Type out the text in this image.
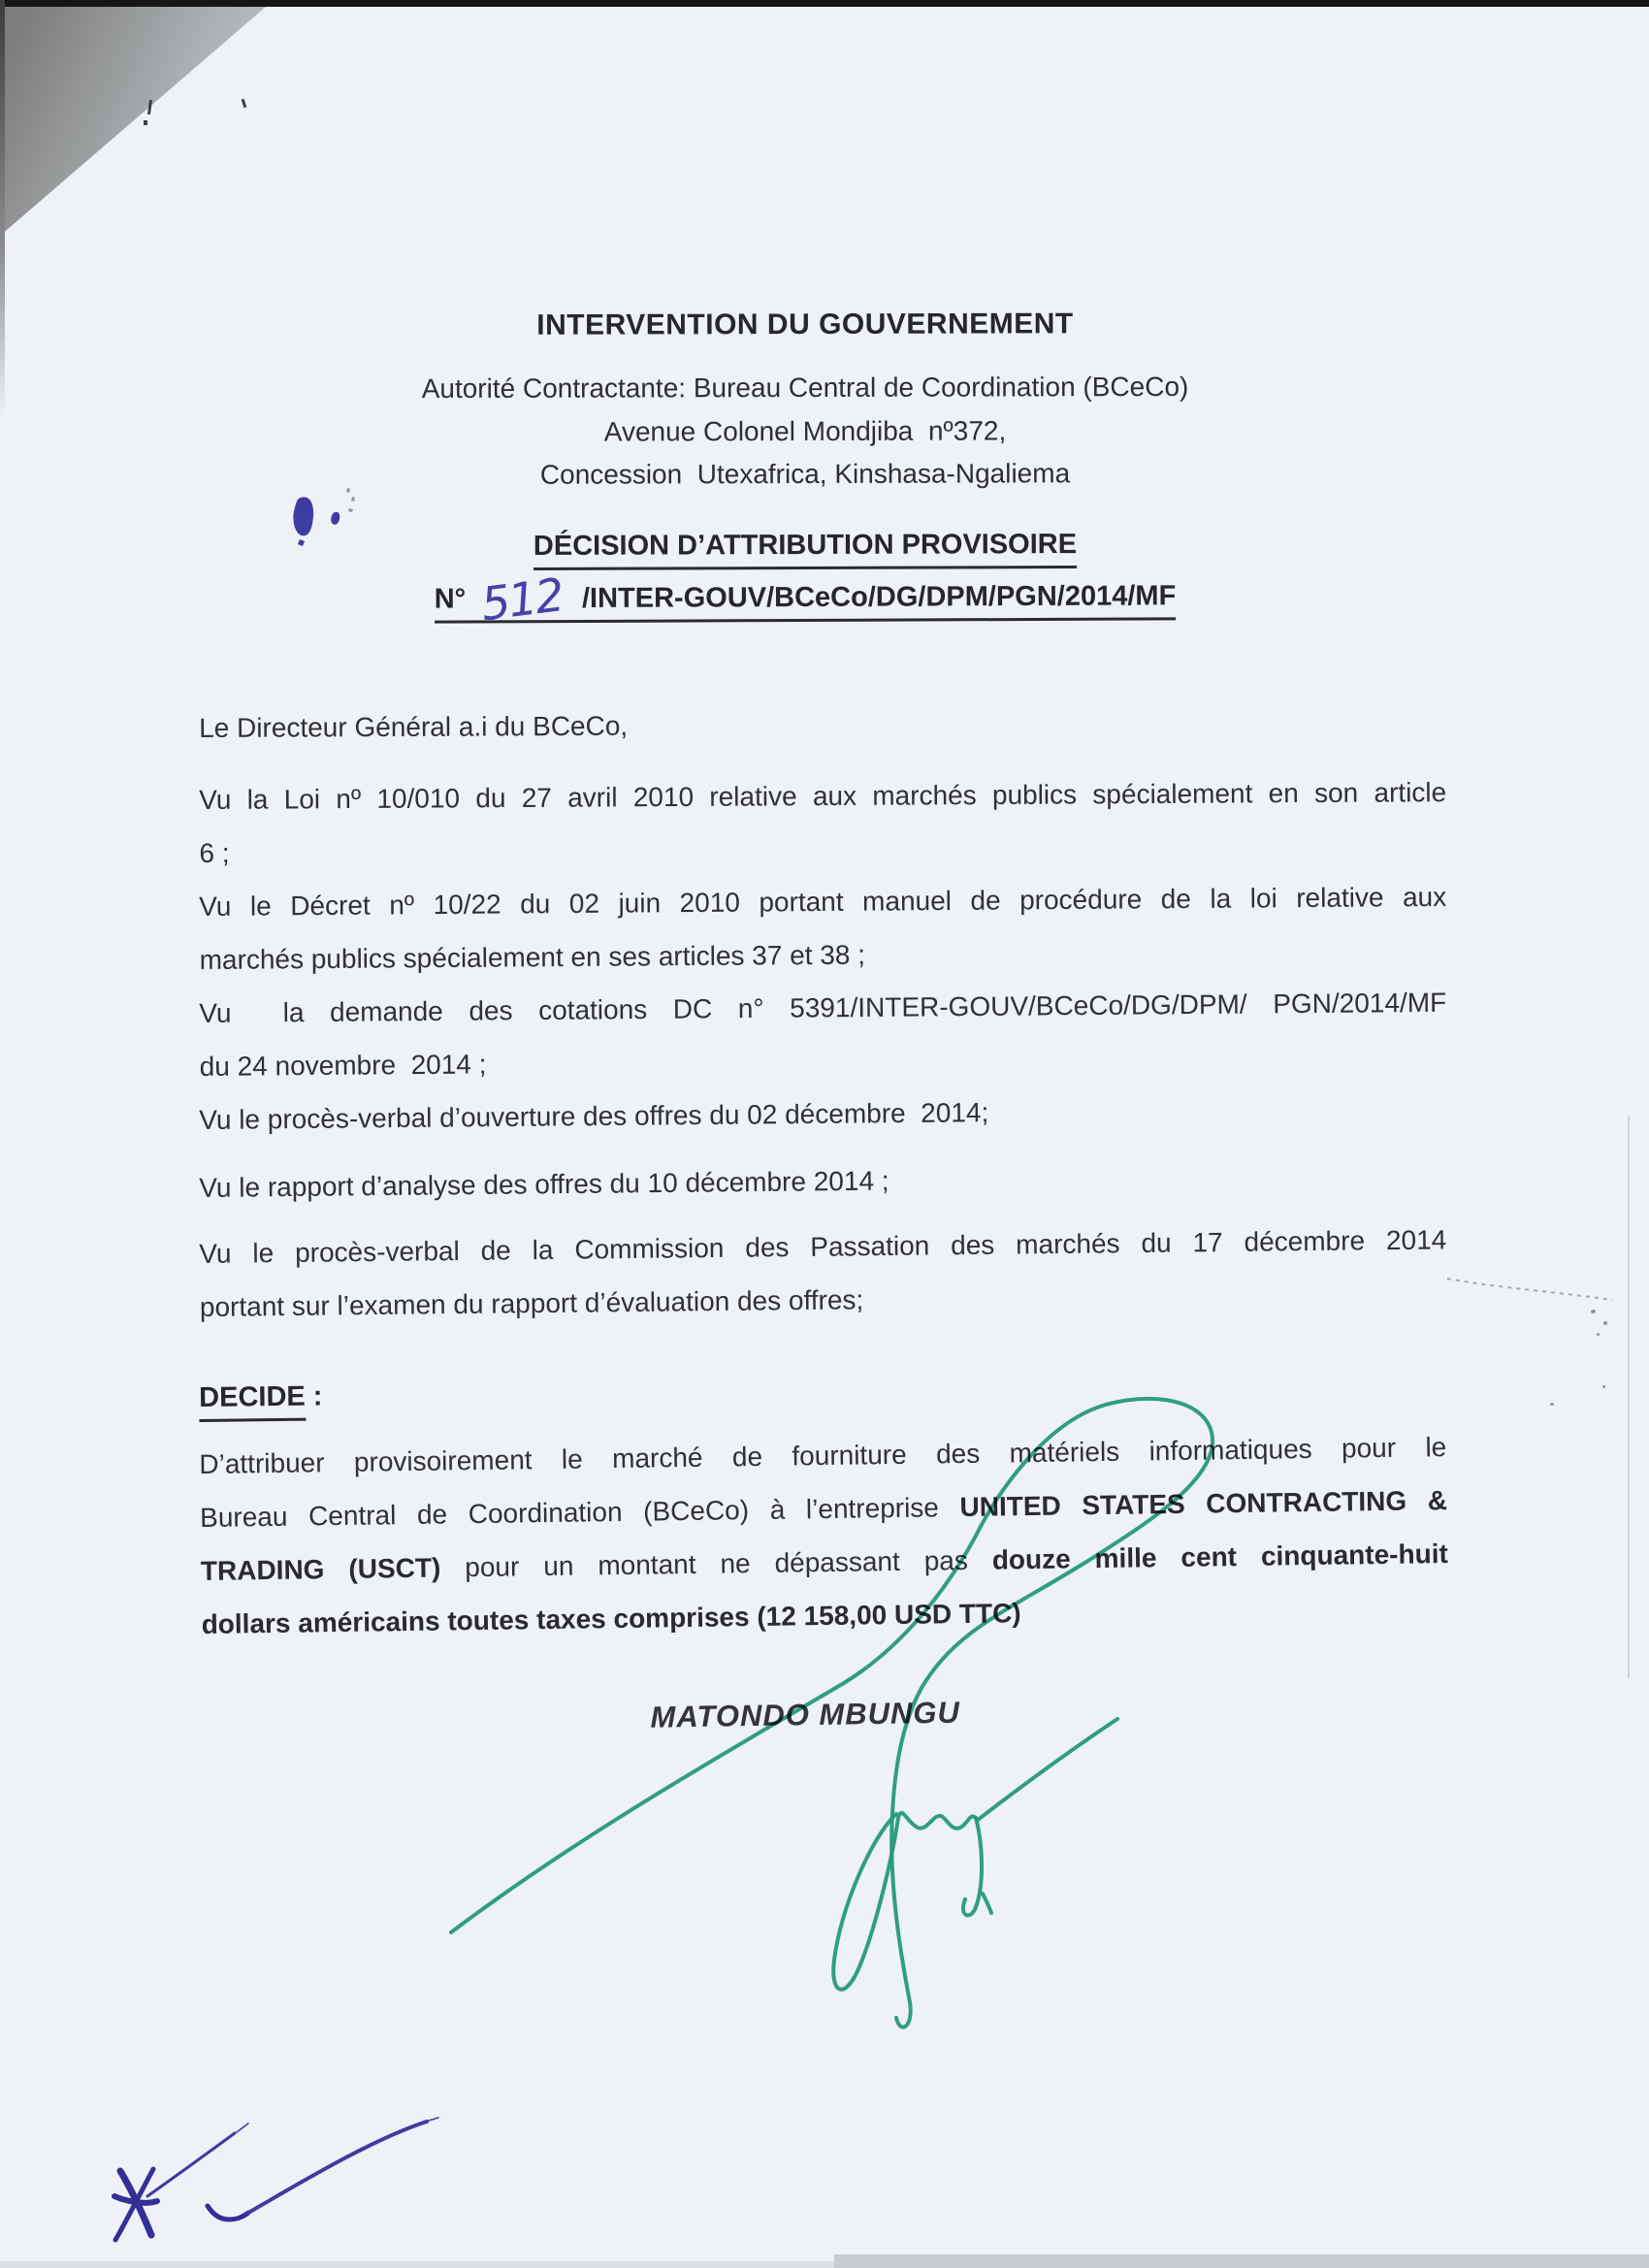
INTERVENTION DU GOUVERNEMENT
Autorité Contractante: Bureau Central de Coordination (BCeCo)
Avenue Colonel Mondjiba  nº372,
Concession  Utexafrica, Kinshasa-Ngaliema
DÉCISION D’ATTRIBUTION PROVISOIRE
N° 512 /INTER-GOUV/BCeCo/DG/DPM/PGN/2014/MF
Le Directeur Général a.i du BCeCo,
Vu la Loi nº 10/010 du 27 avril 2010 relative aux marchés publics spécialement en son article
6 ;
Vu le Décret nº 10/22 du 02 juin 2010 portant manuel de procédure de la loi relative aux
marchés publics spécialement en ses articles 37 et 38 ;
Vu  la demande des cotations DC n° 5391/INTER-GOUV/BCeCo/DG/DPM/ PGN/2014/MF
du 24 novembre  2014 ;
Vu le procès-verbal d’ouverture des offres du 02 décembre  2014;
Vu le rapport d’analyse des offres du 10 décembre 2014 ;
Vu le procès-verbal de la Commission des Passation des marchés du 17 décembre 2014
portant sur l’examen du rapport d’évaluation des offres;
DECIDE :
D’attribuer provisoirement le marché de fourniture des matériels informatiques pour le
Bureau Central de Coordination (BCeCo) à l’entreprise UNITED STATES CONTRACTING &
TRADING (USCT) pour un montant ne dépassant pas douze mille cent cinquante-huit
dollars américains toutes taxes comprises (12 158,00 USD TTC)
MATONDO MBUNGU
